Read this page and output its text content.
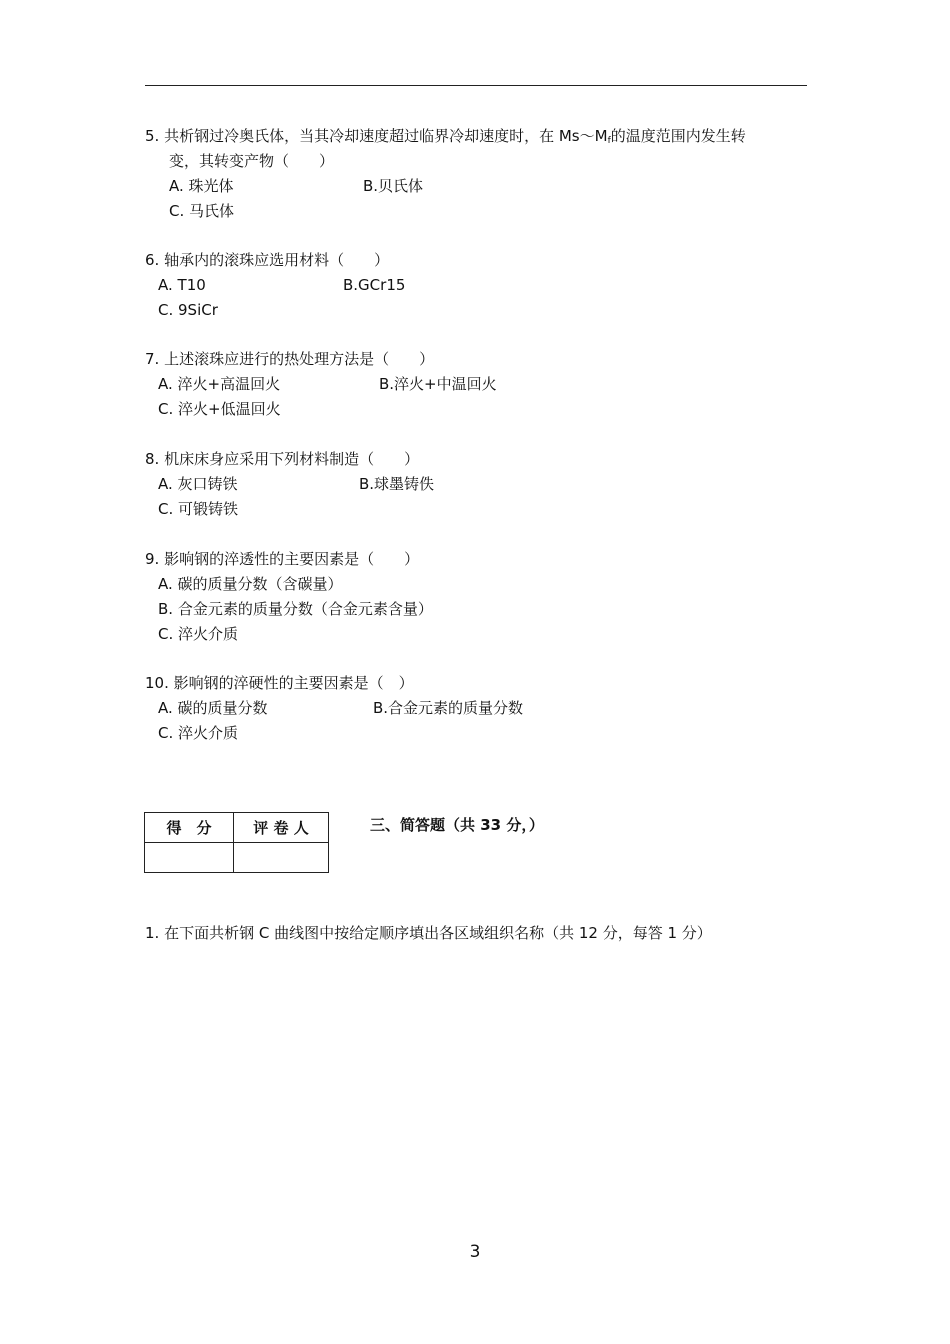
5. 共析钢过冷奥氏体，当其冷却速度超过临界冷却速度时，在 $Ms\sim M_f$的温度范围内发生转
变，其转变产物（　　）
A. 珠光体	B.贝氏体
C. 马氏体
6. 轴承内的滚珠应选用材料（　　）
A. T10	B.GCr15
C. 9SiCr
7. 上述滚珠应进行的热处理方法是（　　）
A. 淬火+高温回火	B.淬火+中温回火
C. 淬火+低温回火
8. 机床床身应采用下列材料制造（　　）
A. 灰口铸铁	B.球墨铸佚
C. 可锻铸铁
9. 影响钢的淬透性的主要因素是（　　）
A. 碳的质量分数（含碳量）
B. 合金元素的质量分数（合金元素含量）
C. 淬火介质
10. 影响钢的淬硬性的主要因素是（　）
A. 碳的质量分数	B.合金元素的质量分数
C. 淬火介质
得　分	评 卷 人
		三、简答题（共 33 分，）
1. 在下面共析钢 C 曲线图中按给定顺序填出各区域组织名称（共 12 分，每答 1 分）
3
